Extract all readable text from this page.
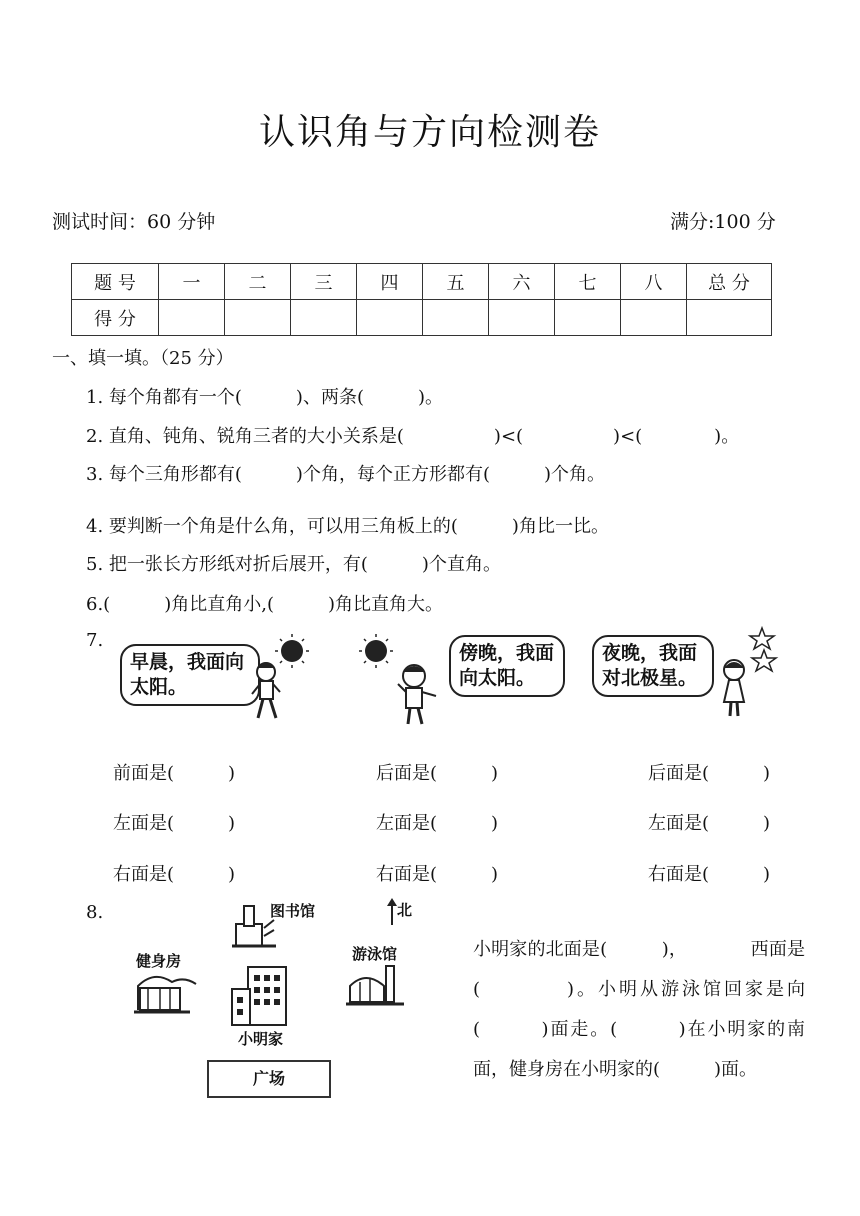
认识角与方向检测卷
测试时间：60 分钟	满分:100 分
题 号	一	二	三	四	五	六	七	八	总 分
得 分									
一、填一填。（25 分）
1. 每个角都有一个(　　　)、两条(　　　)。
2. 直角、钝角、锐角三者的大小关系是(　　　　　)<(　　　　　)<(　　　　)。
3. 每个三角形都有(　　　)个角，每个正方形都有(　　　)个角。
4. 要判断一个角是什么角，可以用三角板上的(　　　)角比一比。
5. 把一张长方形纸对折后展开，有(　　　)个直角。
6.(　　　)角比直角小,(　　　)角比直角大。
7.
早晨，我面向太阳。
傍晚，我面向太阳。
夜晚，我面对北极星。
前面是(　　　)
左面是(　　　)
右面是(　　　)
后面是(　　　)
左面是(　　　)
右面是(　　　)
后面是(　　　)
左面是(　　　)
右面是(　　　)
8.	图书馆	北
健身房
小明家
游泳馆
广场
小明家的北面是(　　　)，　　　　西面是(　　　　)。小明从游泳馆回家是向(　　　)面走。(　　　)在小明家的南面，健身房在小明家的(　　　)面。
